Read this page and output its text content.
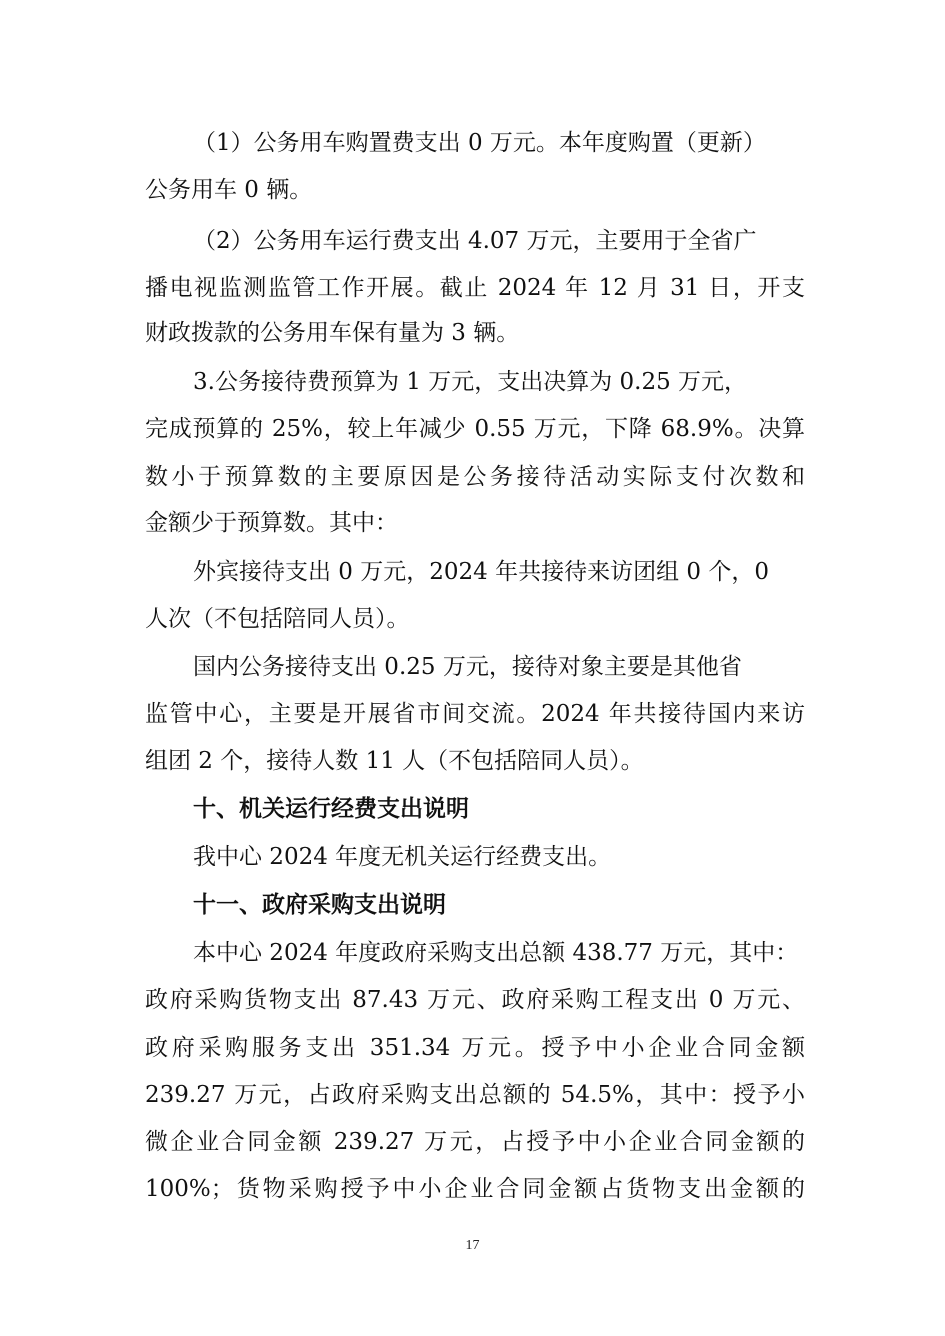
（1）公务用车购置费支出 0 万元。本年度购置（更新）
公务用车 0 辆。
（2）公务用车运行费支出 4.07 万元，主要用于全省广
播电视监测监管工作开展。截止 2024 年 12 月 31 日，开支
财政拨款的公务用车保有量为 3 辆。
3.公务接待费预算为 1 万元，支出决算为 0.25 万元，
完成预算的 25%，较上年减少 0.55 万元，下降 68.9%。决算
数小于预算数的主要原因是公务接待活动实际支付次数和
金额少于预算数。其中：
外宾接待支出 0 万元，2024 年共接待来访团组 0 个，0
人次（不包括陪同人员）。
国内公务接待支出 0.25 万元，接待对象主要是其他省
监管中心，主要是开展省市间交流。2024 年共接待国内来访
组团 2 个，接待人数 11 人（不包括陪同人员）。
十、机关运行经费支出说明
我中心 2024 年度无机关运行经费支出。
十一、政府采购支出说明
本中心 2024 年度政府采购支出总额 438.77 万元，其中：
政府采购货物支出 87.43 万元、政府采购工程支出 0 万元、
政府采购服务支出 351.34 万元。授予中小企业合同金额
239.27 万元，占政府采购支出总额的 54.5%，其中：授予小
微企业合同金额 239.27 万元，占授予中小企业合同金额的
100%；货物采购授予中小企业合同金额占货物支出金额的
17
